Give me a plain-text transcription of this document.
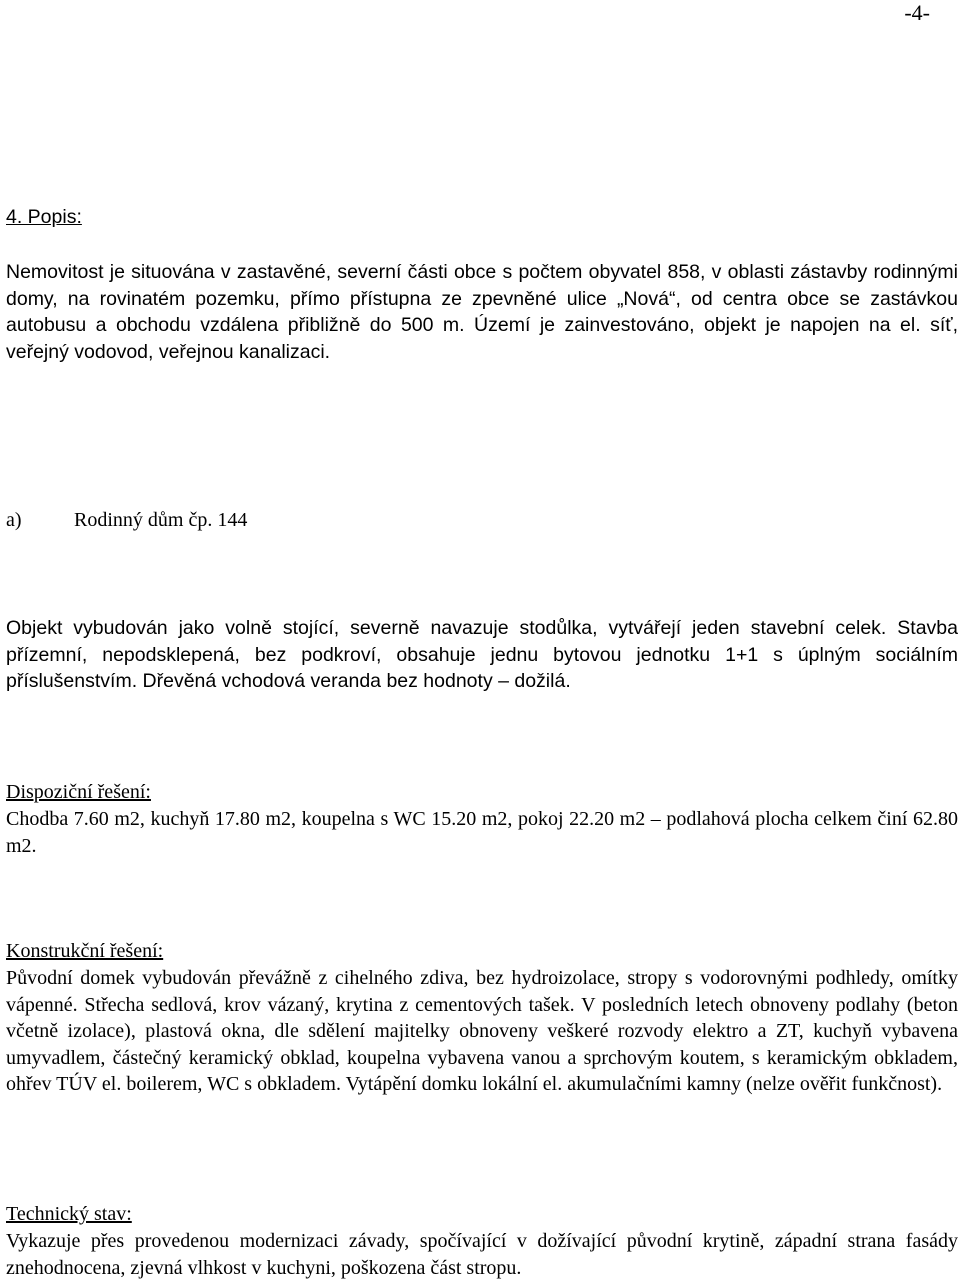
-4-
4. Popis:

Nemovitost je situována v zastavěné, severní části obce s počtem obyvatel 858, v oblasti zástavby rodinnými domy, na rovinatém pozemku, přímo přístupna ze zpevněné ulice „Nová“, od centra obce se zastávkou autobusu a obchodu vzdálena přibližně do 500 m. Území je zainvestováno, objekt je napojen na el. síť, veřejný vodovod, veřejnou kanalizaci.

a)	Rodinný dům čp. 144

Objekt vybudován jako volně stojící, severně navazuje stodůlka, vytvářejí jeden stavební celek. Stavba přízemní, nepodsklepená, bez podkroví, obsahuje jednu bytovou jednotku 1+1 s úplným sociálním příslušenstvím. Dřevěná vchodová veranda bez hodnoty – dožilá.

Dispoziční řešení:

Chodba 7.60 m2, kuchyň 17.80 m2, koupelna s WC 15.20 m2, pokoj 22.20 m2 – podlahová plocha celkem činí 62.80 m2.

Konstrukční řešení:

Původní domek vybudován převážně z cihelného zdiva, bez hydroizolace, stropy s vodorovnými podhledy, omítky vápenné. Střecha sedlová, krov vázaný, krytina z cementových tašek. V posledních letech obnoveny podlahy (beton včetně izolace), plastová okna, dle sdělení majitelky obnoveny veškeré rozvody elektro a ZT, kuchyň vybavena umyvadlem, částečný keramický obklad, koupelna vybavena vanou a sprchovým koutem, s keramickým obkladem, ohřev TÚV el. boilerem, WC s obkladem. Vytápění domku lokální el. akumulačními kamny (nelze ověřit funkčnost).

Technický stav:

Vykazuje přes provedenou modernizaci závady, spočívající v dožívající původní krytině, západní strana fasády znehodnocena, zjevná vlhkost v kuchyni, poškozena část stropu.
